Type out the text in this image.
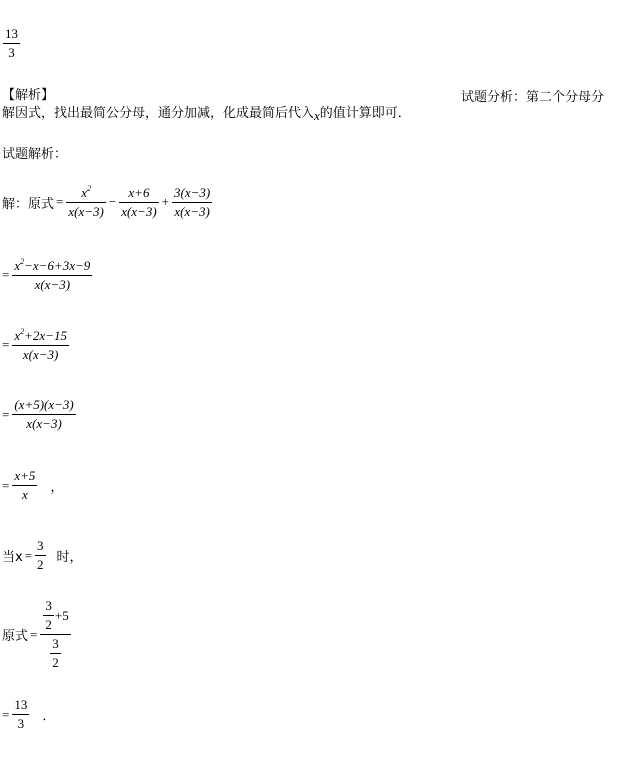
$\frac{13}{3}$
【解析】	试题分析：第二个分母分
解因式，找出最简公分母，通分加减，化成最简后代入x的值计算即可．
试题解析：
解：原式 = $\frac{x^2}{x(x-3)} - \frac{x+6}{x(x-3)} + \frac{3(x-3)}{x(x-3)}$
= $\frac{x^2-x-6+3x-9}{x(x-3)}$
= $\frac{x^2+2x-15}{x(x-3)}$
= $\frac{(x+5)(x-3)}{x(x-3)}$
= $\frac{x+5}{x}$ ，
当$x = \frac{3}{2}$ 时，
原式 = $\frac{\frac{3}{2} +5}{\frac{3}{2}}$
= $\frac{13}{3}$ ．
